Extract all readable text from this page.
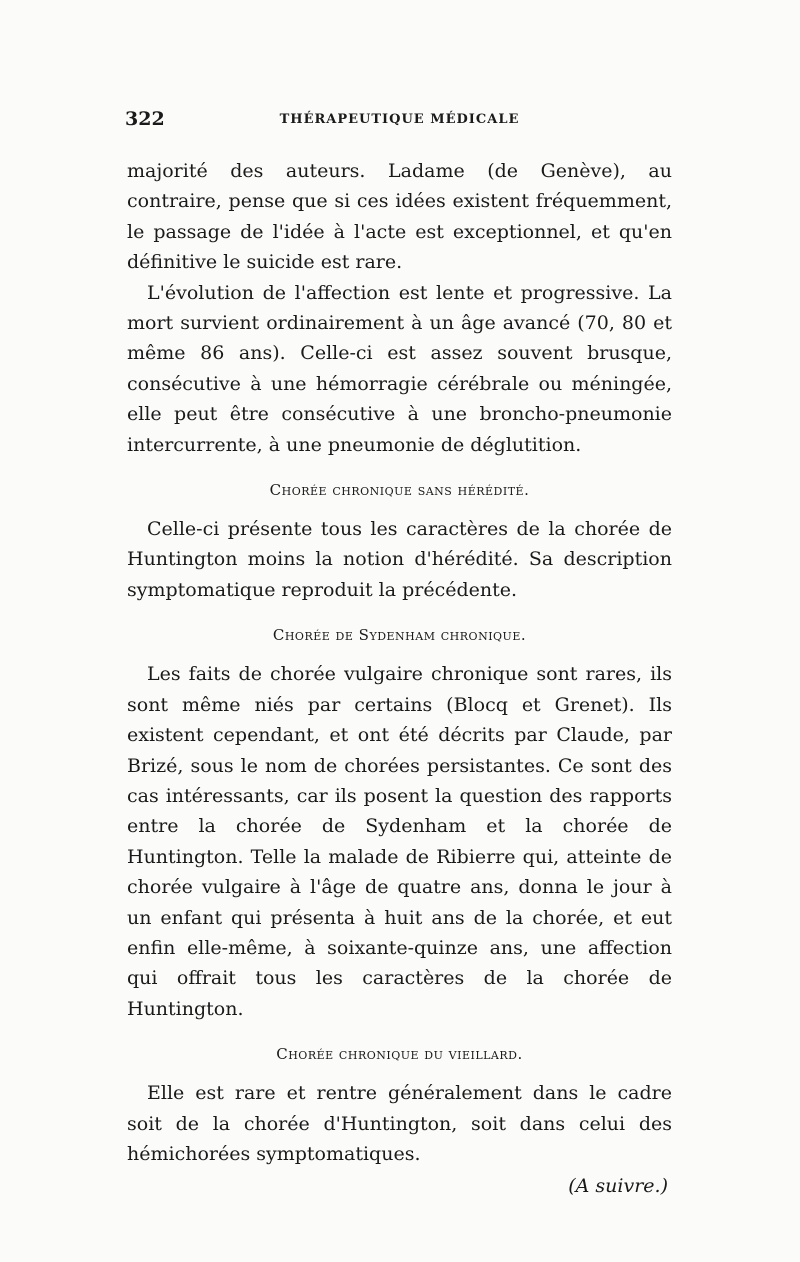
322	THÉRAPEUTIQUE MÉDICALE

majorité des auteurs. Ladame (de Genève), au contraire, pense que si ces idées existent fréquemment, le passage de l'idée à l'acte est exceptionnel, et qu'en définitive le suicide est rare.

L'évolution de l'affection est lente et progressive. La mort survient ordinairement à un âge avancé (70, 80 et même 86 ans). Celle-ci est assez souvent brusque, consécutive à une hémorragie cérébrale ou méningée, elle peut être consécutive à une broncho-pneumonie intercurrente, à une pneumonie de déglutition.

Chorée chronique sans hérédité.

Celle-ci présente tous les caractères de la chorée de Huntington moins la notion d'hérédité. Sa description symptomatique reproduit la précédente.

Chorée de Sydenham chronique.

Les faits de chorée vulgaire chronique sont rares, ils sont même niés par certains (Blocq et Grenet). Ils existent cependant, et ont été décrits par Claude, par Brizé, sous le nom de chorées persistantes. Ce sont des cas intéressants, car ils posent la question des rapports entre la chorée de Sydenham et la chorée de Huntington. Telle la malade de Ribierre qui, atteinte de chorée vulgaire à l'âge de quatre ans, donna le jour à un enfant qui présenta à huit ans de la chorée, et eut enfin elle-même, à soixante-quinze ans, une affection qui offrait tous les caractères de la chorée de Huntington.

Chorée chronique du vieillard.

Elle est rare et rentre généralement dans le cadre soit de la chorée d'Huntington, soit dans celui des hémichorées symptomatiques.

(A suivre.)
